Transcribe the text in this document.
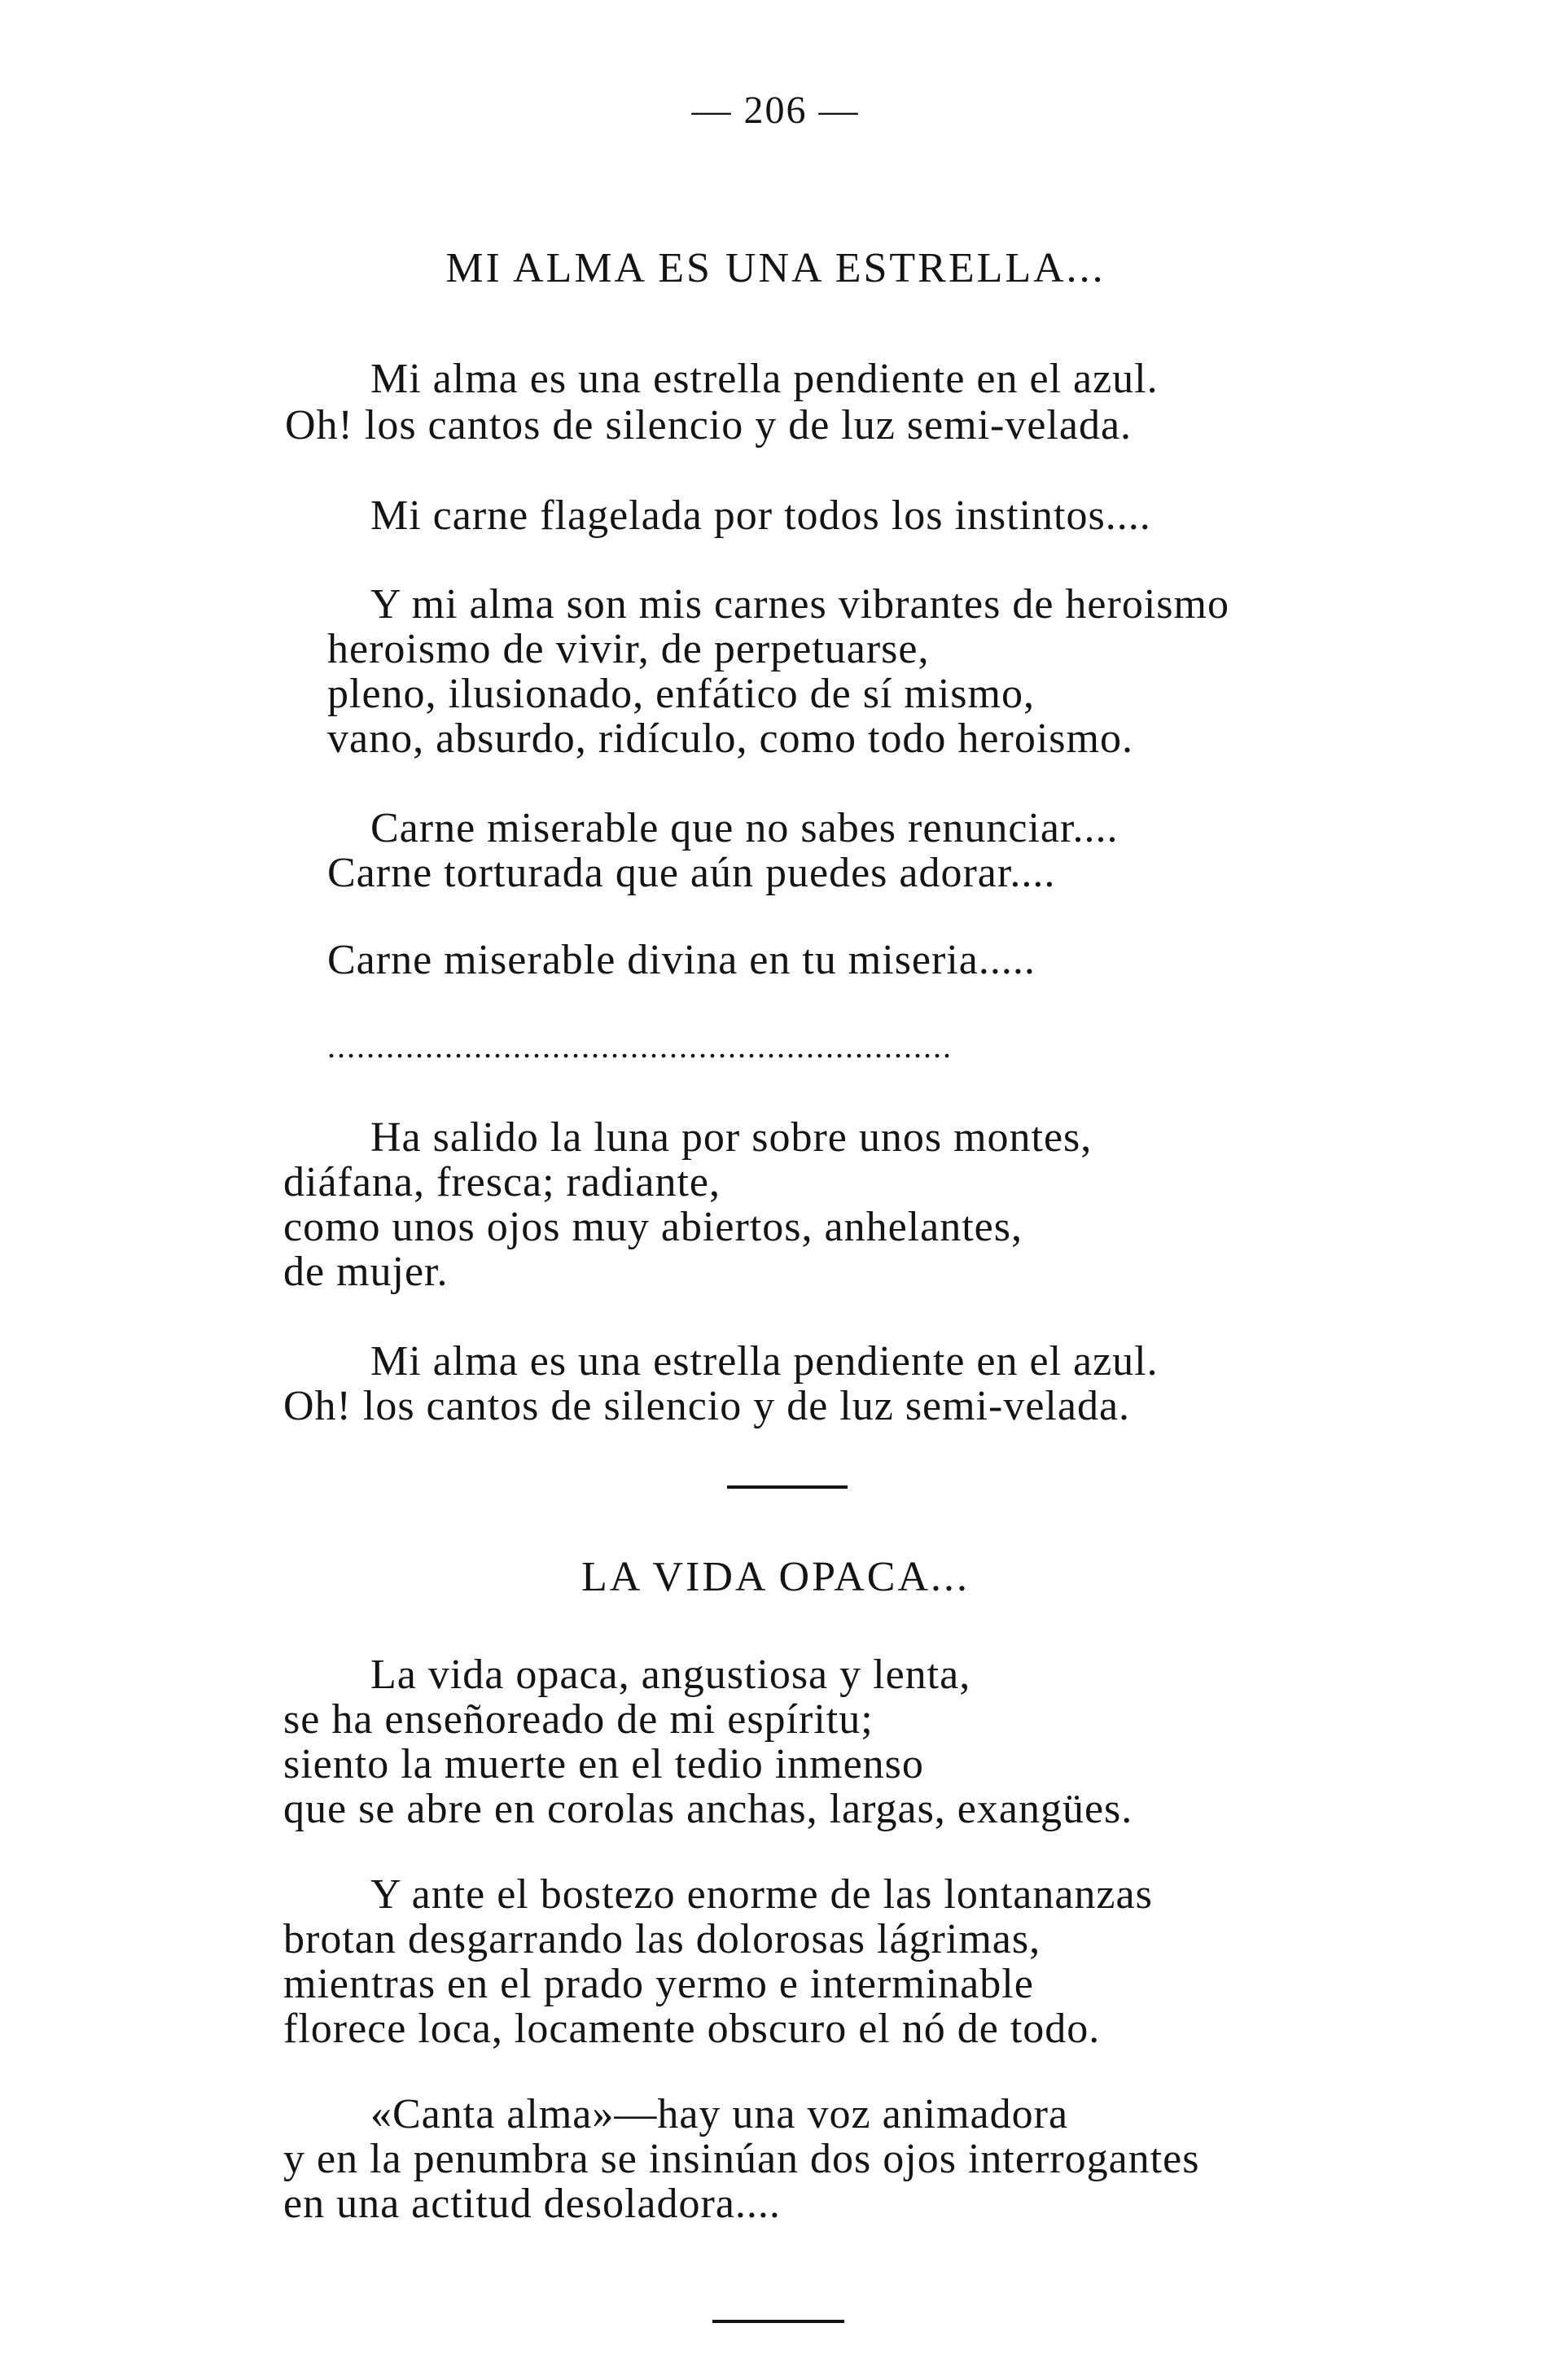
— 206 —
MI ALMA ES UNA ESTRELLA...
Mi alma es una estrella pendiente en el azul.
Oh! los cantos de silencio y de luz semi-velada.
Mi carne flagelada por todos los instintos....
Y mi alma son mis carnes vibrantes de heroismo
heroismo de vivir, de perpetuarse,
pleno, ilusionado, enfático de sí mismo,
vano, absurdo, ridículo, como todo heroismo.
Carne miserable que no sabes renunciar....
Carne torturada que aún puedes adorar....
Carne miserable divina en tu miseria.....
................................................................
Ha salido la luna por sobre unos montes,
diáfana, fresca; radiante,
como unos ojos muy abiertos, anhelantes,
de mujer.
Mi alma es una estrella pendiente en el azul.
Oh! los cantos de silencio y de luz semi-velada.
LA VIDA OPACA...
La vida opaca, angustiosa y lenta,
se ha enseñoreado de mi espíritu;
siento la muerte en el tedio inmenso
que se abre en corolas anchas, largas, exangües.
Y ante el bostezo enorme de las lontananzas
brotan desgarrando las dolorosas lágrimas,
mientras en el prado yermo e interminable
florece loca, locamente obscuro el nó de todo.
«Canta alma»—hay una voz animadora
y en la penumbra se insinúan dos ojos interrogantes
en una actitud desoladora....
